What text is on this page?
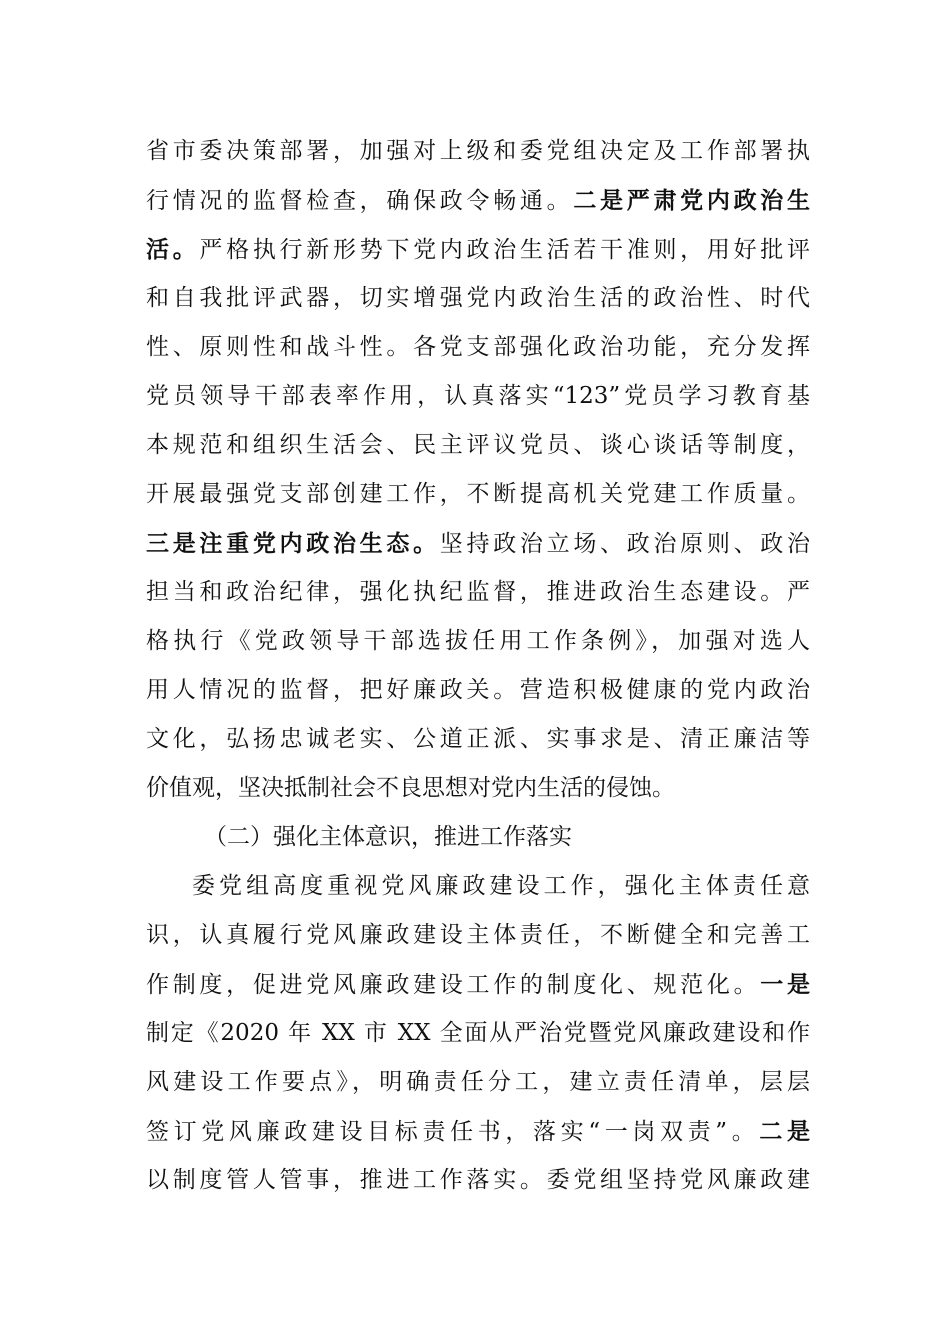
省市委决策部署，加强对上级和委党组决定及工作部署执
行情况的监督检查，确保政令畅通。二是严肃党内政治生
活。严格执行新形势下党内政治生活若干准则，用好批评
和自我批评武器，切实增强党内政治生活的政治性、时代
性、原则性和战斗性。各党支部强化政治功能，充分发挥
党员领导干部表率作用，认真落实“123”党员学习教育基
本规范和组织生活会、民主评议党员、谈心谈话等制度，
开展最强党支部创建工作，不断提高机关党建工作质量。
三是注重党内政治生态。坚持政治立场、政治原则、政治
担当和政治纪律，强化执纪监督，推进政治生态建设。严
格执行《党政领导干部选拔任用工作条例》，加强对选人
用人情况的监督，把好廉政关。营造积极健康的党内政治
文化，弘扬忠诚老实、公道正派、实事求是、清正廉洁等
价值观，坚决抵制社会不良思想对党内生活的侵蚀。
（二）强化主体意识，推进工作落实
委党组高度重视党风廉政建设工作，强化主体责任意
识，认真履行党风廉政建设主体责任，不断健全和完善工
作制度，促进党风廉政建设工作的制度化、规范化。一是
制定《2020 年 XX 市 XX 全面从严治党暨党风廉政建设和作
风建设工作要点》，明确责任分工，建立责任清单，层层
签订党风廉政建设目标责任书，落实“一岗双责”。二是
以制度管人管事，推进工作落实。委党组坚持党风廉政建
